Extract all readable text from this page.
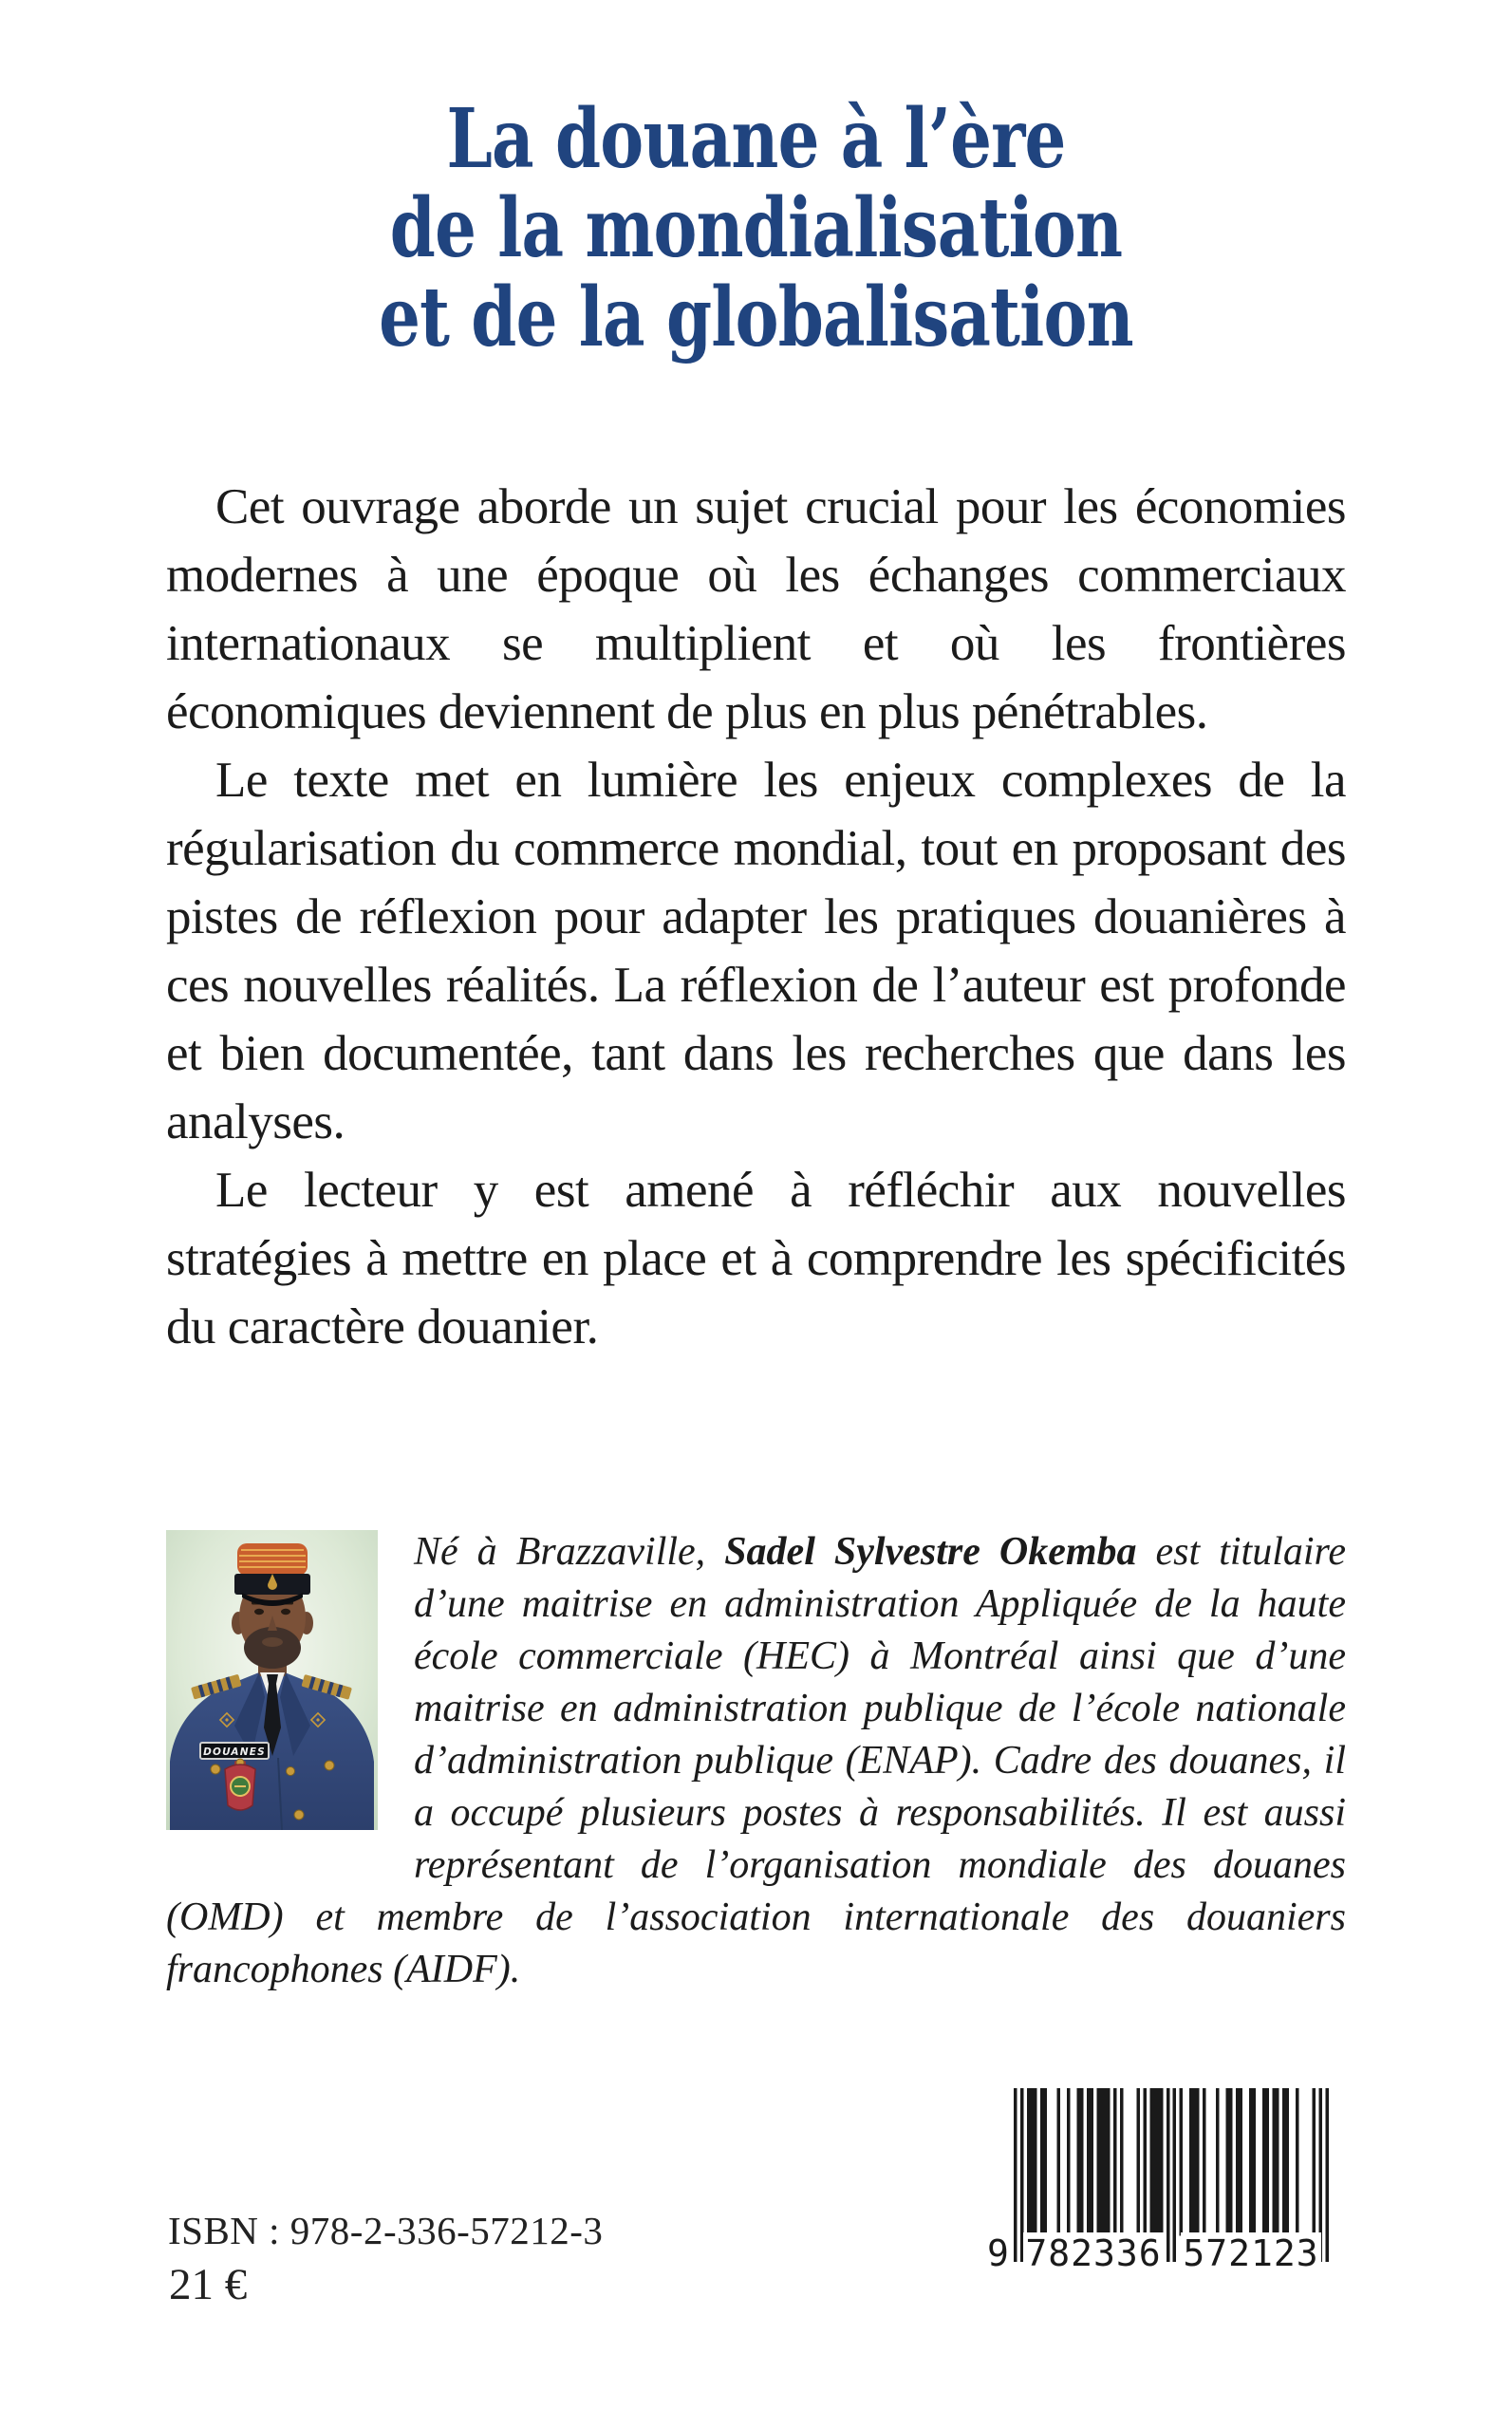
La douane à l’ère
de la mondialisation
et de la globalisation

Cet ouvrage aborde un sujet crucial pour les économies modernes à une époque où les échanges commerciaux internationaux se multiplient et où les frontières économiques deviennent de plus en plus pénétrables.

Le texte met en lumière les enjeux complexes de la régularisation du commerce mondial, tout en proposant des pistes de réflexion pour adapter les pratiques douanières à ces nouvelles réalités. La réflexion de l’auteur est profonde et bien documentée, tant dans les recherches que dans les analyses.

Le lecteur y est amené à réfléchir aux nouvelles stratégies à mettre en place et à comprendre les spécificités du caractère douanier.

DOUANES
Né à Brazzaville, Sadel Sylvestre Okemba est titulaire d’une maitrise en administration Appliquée de la haute école commerciale (HEC) à Montréal ainsi que d’une maitrise en administration publique de l’école nationale d’administration publique (ENAP). Cadre des douanes, il a occupé plusieurs postes à responsabilités. Il est aussi représentant de l’organisation mondiale des douanes (OMD) et membre de l’association internationale des douaniers francophones (AIDF).
ISBN : 978-2-336-57212-3
21 €
9 782336 572123
